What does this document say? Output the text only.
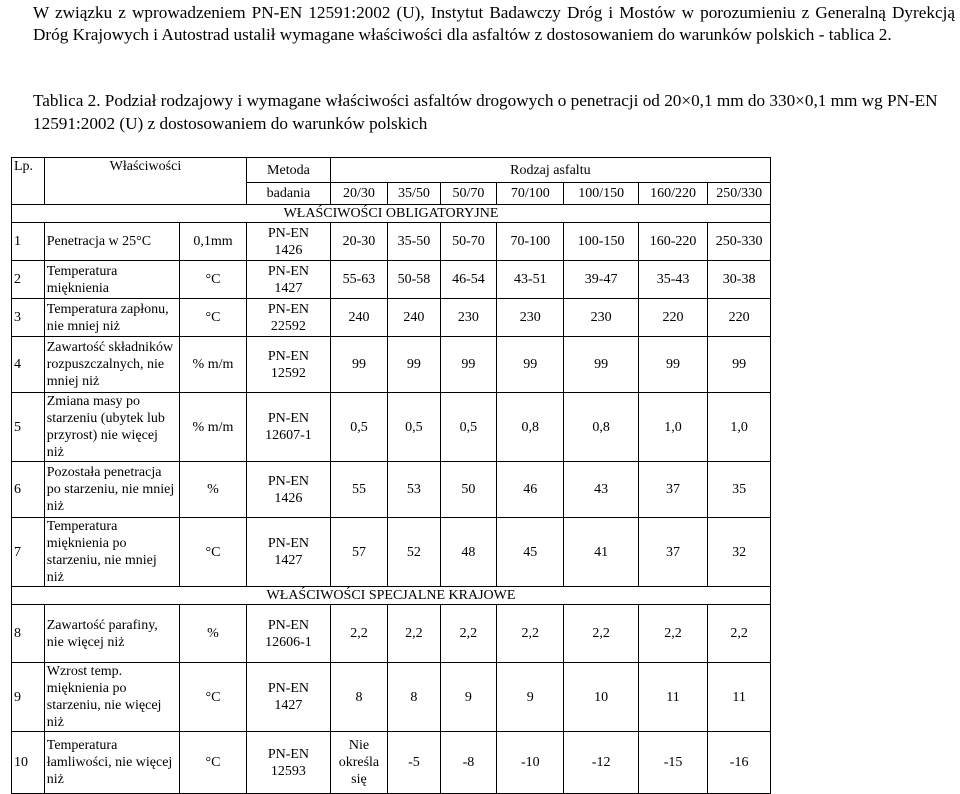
W związku z wprowadzeniem PN-EN 12591:2002 (U), Instytut Badawczy Dróg i Mostów w porozumieniu z Generalną Dyrekcją Dróg Krajowych i Autostrad ustalił wymagane właściwości dla asfaltów z dostosowaniem do warunków polskich - tablica 2.
Tablica 2. Podział rodzajowy i wymagane właściwości asfaltów drogowych o penetracji od 20×0,1 mm do 330×0,1 mm wg PN-EN 12591:2002 (U) z dostosowaniem do warunków polskich
Lp.	Właściwości		Metoda	Rodzaj asfaltu						
			badania	20/30	35/50	50/70	70/100	100/150	160/220	250/330
WŁAŚCIWOŚCI OBLIGATORYJNE										
1	Penetracja w 25°C	0,1mm	PN-EN 1426	20-30	35-50	50-70	70-100	100-150	160-220	250-330
2	Temperatura mięknienia	°C	PN-EN 1427	55-63	50-58	46-54	43-51	39-47	35-43	30-38
3	Temperatura zapłonu, nie mniej niż	°C	PN-EN 22592	240	240	230	230	230	220	220
4	Zawartość składników rozpuszczalnych, nie mniej niż	% m/m	PN-EN 12592	99	99	99	99	99	99	99
5	Zmiana masy po starzeniu (ubytek lub przyrost) nie więcej niż	% m/m	PN-EN 12607-1	0,5	0,5	0,5	0,8	0,8	1,0	1,0
6	Pozostała penetracja po starzeniu, nie mniej niż	%	PN-EN 1426	55	53	50	46	43	37	35
7	Temperatura mięknienia po starzeniu, nie mniej niż	°C	PN-EN 1427	57	52	48	45	41	37	32
WŁAŚCIWOŚCI SPECJALNE KRAJOWE										
8	Zawartość parafiny, nie więcej niż	%	PN-EN 12606-1	2,2	2,2	2,2	2,2	2,2	2,2	2,2
9	Wzrost temp. mięknienia po starzeniu, nie więcej niż	°C	PN-EN 1427	8	8	9	9	10	11	11
10	Temperatura łamliwości, nie więcej niż	°C	PN-EN 12593	Nie określa się	-5	-8	-10	-12	-15	-16
